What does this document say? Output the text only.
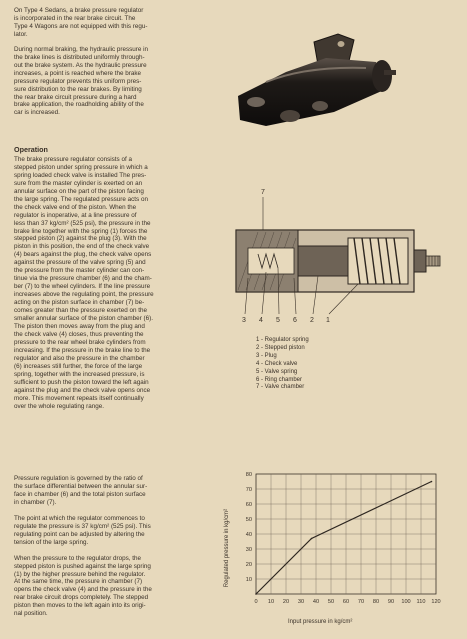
On Type 4 Sedans, a brake pressure regulator
is incorporated in the rear brake circuit. The
Type 4 Wagons are not equipped with this regu-
lator.

During normal braking, the hydraulic pressure in
the brake lines is distributed uniformly through-
out the brake system. As the hydraulic pressure
increases, a point is reached where the brake
pressure regulator prevents this uniform pres-
sure distribution to the rear brakes. By limiting
the rear brake circuit pressure during a hard
brake application, the roadholding ability of the
car is increased.

Operation

The brake pressure regulator consists of a
stepped piston under spring pressure in which a
spring loaded check valve is installed The pres-
sure from the master cylinder is exerted on an
annular surface on the part of the piston facing
the large spring. The regulated pressure acts on
the check valve end of the piston. When the
regulator is inoperative, at a line pressure of
less than 37 kg/cm² (525 psi), the pressure in the
brake line together with the spring (1) forces the
stepped piston (2) against the plug (3). With the
piston in this position, the end of the check valve
(4) bears against the plug, the check valve opens
against the pressure of the valve spring (5) and
the pressure from the master cylinder can con-
tinue via the pressure chamber (6) and the cham-
ber (7) to the wheel cylinders. If the line pressure
increases above the regulating point, the pressure
acting on the piston surface in chamber (7) be-
comes greater than the pressure exerted on the
smaller annular surface of the piston chamber (6).
The piston then moves away from the plug and
the check valve (4) closes, thus preventing the
pressure to the rear wheel brake cylinders from
increasing. If the pressure in the brake line to the
regulator and also the pressure in the chamber
(6) increases still further, the force of the large
spring, together with the increased pressure, is
sufficient to push the piston toward the left again
against the plug and the check valve opens once
more. This movement repeats itself continually
over the whole regulating range.

Pressure regulation is governed by the ratio of
the surface differential between the annular sur-
face in chamber (6) and the total piston surface
in chamber (7).

The point at which the regulator commences to
regulate the pressure is 37 kg/cm² (525 psi). This
regulating point can be adjusted by altering the
tension of the large spring.

When the pressure to the regulator drops, the
stepped piston is pushed against the large spring
(1) by the higher pressure behind the regulator.
At the same time, the pressure in chamber (7)
opens the check valve (4) and the pressure in the
rear brake circuit drops completely. The stepped
piston then moves to the left again into its origi-
nal position.

7
3 4 5 6 2 1
1 - Regulator spring
2 - Stepped piston
3 - Plug
4 - Check valve
5 - Valve spring
6 - Ring chamber
7 - Valve chamber
Regulated pressure in kg/cm²
Input pressure in kg/cm²
10
20
30
40
50
60
70
80
0 10 20 30 40 50 60 70 80 90 100 110 120
